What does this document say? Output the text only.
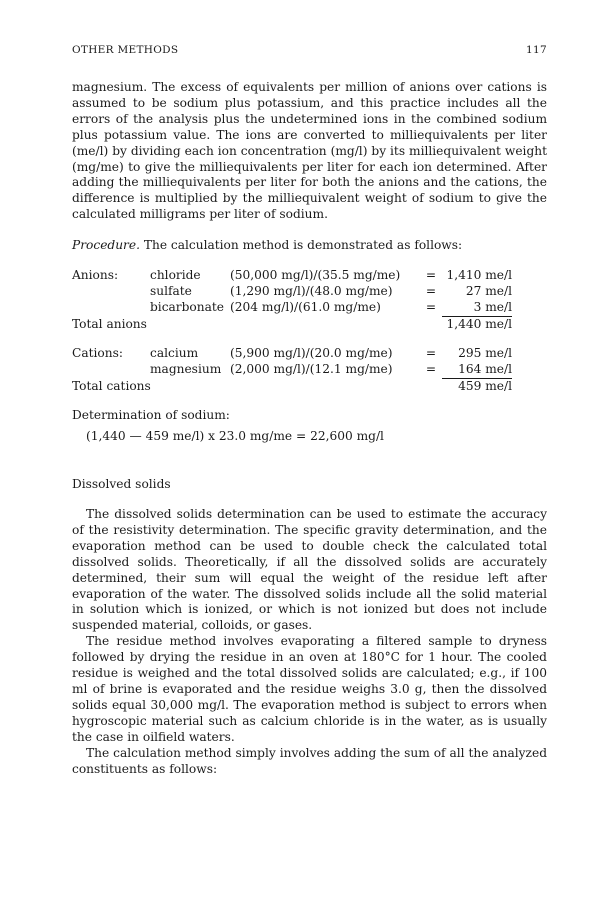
OTHER METHODS	117

magnesium. The excess of equivalents per million of anions over cations is assumed to be sodium plus potassium, and this practice includes all the errors of the analysis plus the undetermined ions in the combined sodium plus potassium value. The ions are converted to milliequivalents per liter (me/l) by dividing each ion concentration (mg/l) by its milliequivalent weight (mg/me) to give the milliequivalents per liter for each ion determined. After adding the milliequivalents per liter for both the anions and the cations, the difference is multiplied by the milliequivalent weight of sodium to give the calculated milligrams per liter of sodium.

Procedure. The calculation method is demonstrated as follows:

Anions:	chloride	(50,000 mg/l)/(35.5 mg/me)	=	1,410 me/l
	sulfate	(1,290 mg/l)/(48.0 mg/me)	=	27 me/l
	bicarbonate	(204 mg/l)/(61.0 mg/me)	=	3 me/l
Total anions				1,440 me/l
Cations:	calcium	(5,900 mg/l)/(20.0 mg/me)	=	295 me/l
	magnesium	(2,000 mg/l)/(12.1 mg/me)	=	164 me/l
Total cations				459 me/l

Determination of sodium:

(1,440 — 459 me/l) x 23.0 mg/me = 22,600 mg/l

Dissolved solids

The dissolved solids determination can be used to estimate the accuracy of the resistivity determination. The specific gravity determination, and the evaporation method can be used to double check the calculated total dissolved solids. Theoretically, if all the dissolved solids are accurately determined, their sum will equal the weight of the residue left after evaporation of the water. The dissolved solids include all the solid material in solution which is ionized, or which is not ionized but does not include suspended material, colloids, or gases.

The residue method involves evaporating a filtered sample to dryness followed by drying the residue in an oven at 180°C for 1 hour. The cooled residue is weighed and the total dissolved solids are calculated; e.g., if 100 ml of brine is evaporated and the residue weighs 3.0 g, then the dissolved solids equal 30,000 mg/l. The evaporation method is subject to errors when hygroscopic material such as calcium chloride is in the water, as is usually the case in oilfield waters.

The calculation method simply involves adding the sum of all the analyzed constituents as follows:
